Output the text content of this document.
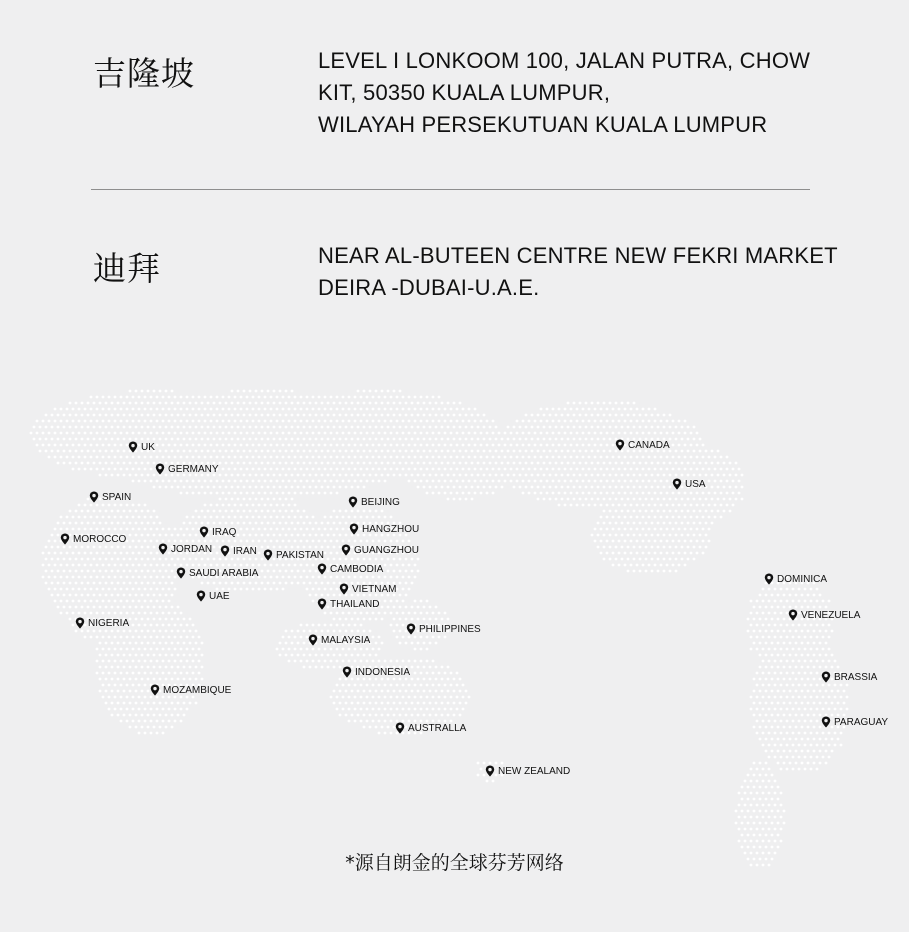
吉隆坡	LEVEL I LONKOOM 100, JALAN PUTRA, CHOW
KIT, 50350 KUALA LUMPUR,
WILAYAH PERSEKUTUAN KUALA LUMPUR
迪拜	NEAR AL-BUTEEN CENTRE NEW FEKRI MARKET
DEIRA -DUBAI-U.A.E.
UK
GERMANY
SPAIN
MOROCCO
IRAQ
JORDAN IRAN PAKISTAN
SAUDI ARABIA
UAE
NIGERIA
MOZAMBIQUE
BEIJING
HANGZHOU
GUANGZHOU
CAMBODIA
VIETNAM
THAILAND
MALAYSIA
PHILIPPINES
INDONESIA
AUSTRALLA
NEW ZEALAND
CANADA
USA
DOMINICA
VENEZUELA
BRASSIA
PARAGUAY
*源自朗金的全球芬芳网络
